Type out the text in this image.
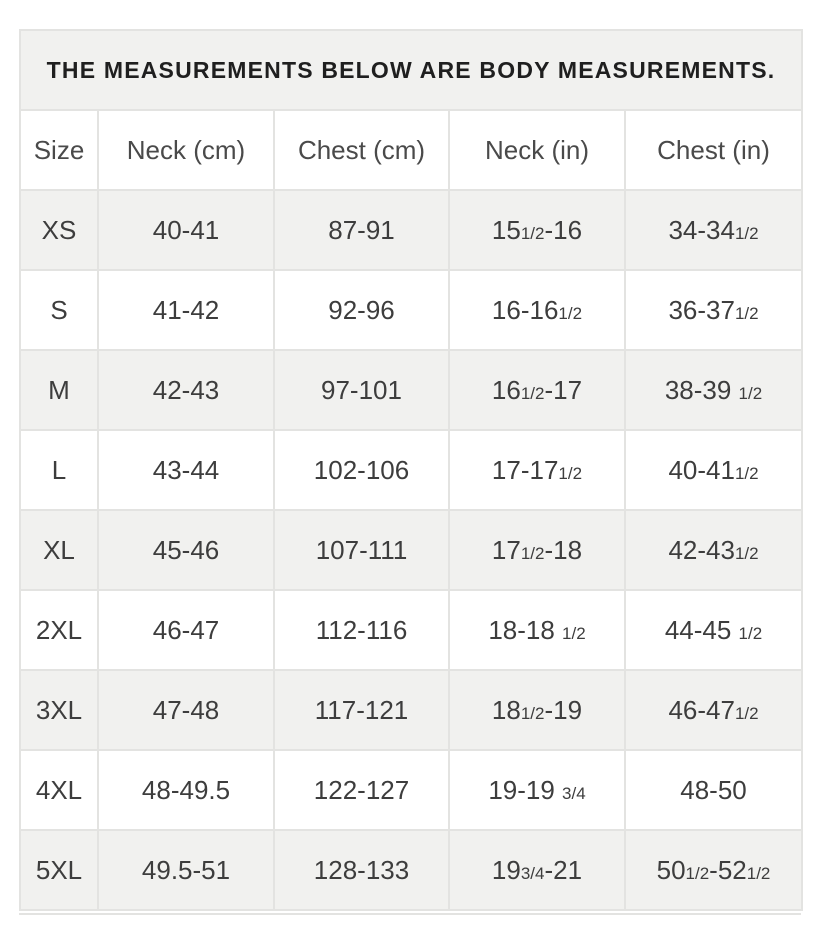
THE MEASUREMENTS BELOW ARE BODY MEASUREMENTS.				
Size	Neck (cm)	Chest (cm)	Neck (in)	Chest (in)
XS	40-41	87-91	151/2-16	34-341/2
S	41-42	92-96	16-161/2	36-371/2
M	42-43	97-101	161/2-17	38-39 1/2
L	43-44	102-106	17-171/2	40-411/2
XL	45-46	107-111	171/2-18	42-431/2
2XL	46-47	112-116	18-18 1/2	44-45 1/2
3XL	47-48	117-121	181/2-19	46-471/2
4XL	48-49.5	122-127	19-19 3/4	48-50
5XL	49.5-51	128-133	193/4-21	501/2-521/2
